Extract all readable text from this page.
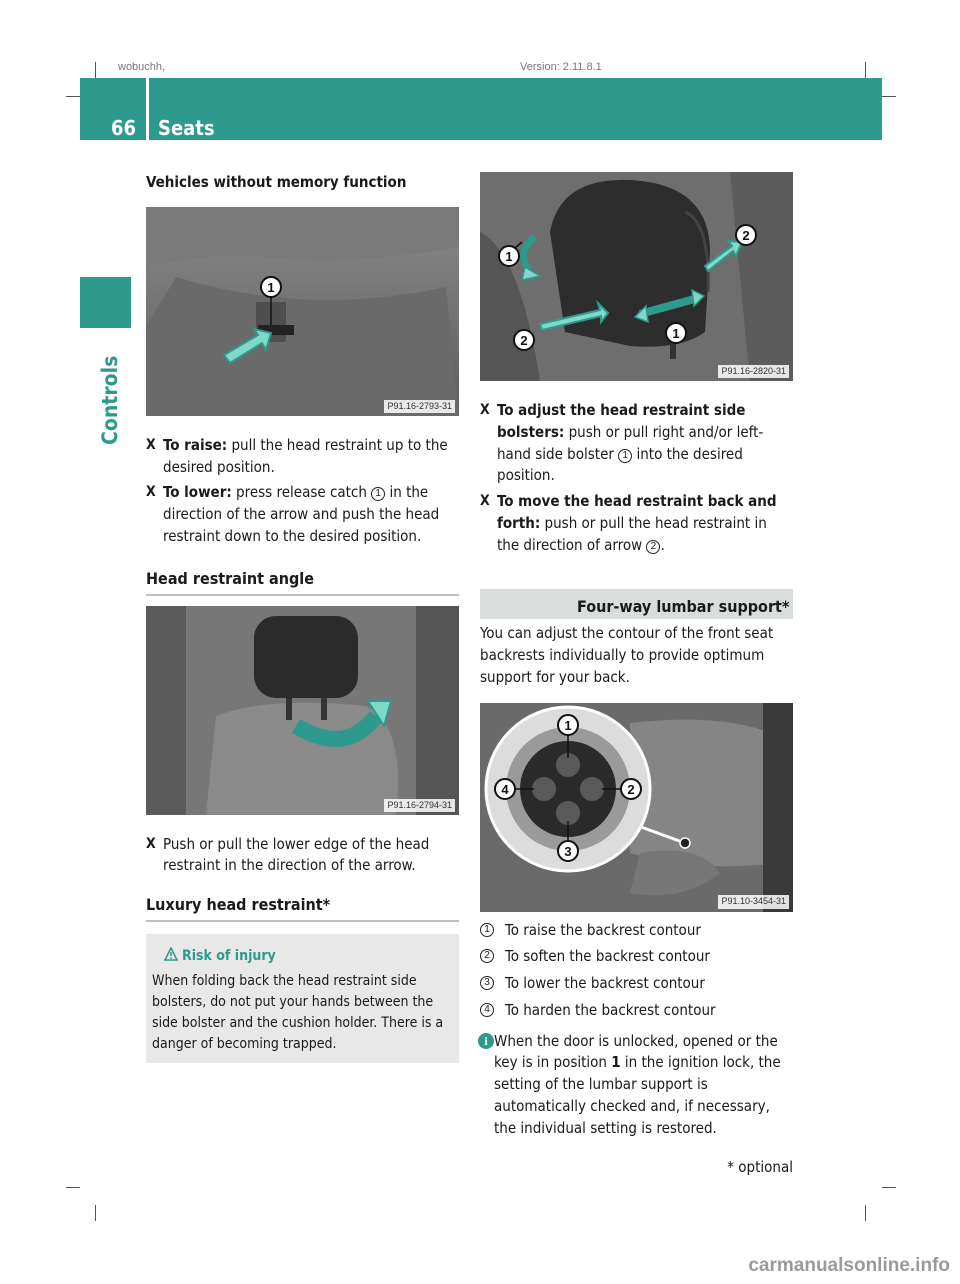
wobuchh,	Version: 2.11.8.1
66 Seats
Controls
Vehicles without memory function
1
P91.16-2793-31
X To raise: pull the head restraint up to the desired position.
X To lower: press release catch 1 in the direction of the arrow and push the head restraint down to the desired position.
Head restraint angle
P91.16-2794-31
X Push or pull the lower edge of the head restraint in the direction of the arrow.
Luxury head restraint*
Risk of injury
When folding back the head restraint side bolsters, do not put your hands between the side bolster and the cushion holder. There is a danger of becoming trapped.
1
2
2	1
P91.16-2820-31
X To adjust the head restraint side bolsters: push or pull right and/or left-hand side bolster 1 into the desired position.
X To move the head restraint back and forth: push or pull the head restraint in the direction of arrow 2 .
Four-way lumbar support*

You can adjust the contour of the front seat backrests individually to provide optimum support for your back.

1
2
3
4
P91.10-3454-31
1 To raise the backrest contour
2 To soften the backrest contour
3 To lower the backrest contour
4 To harden the backrest contour
i When the door is unlocked, opened or the key is in position 1 in the ignition lock, the setting of the lumbar support is automatically checked and, if necessary, the individual setting is restored.

* optional
carmanualsonline.info
